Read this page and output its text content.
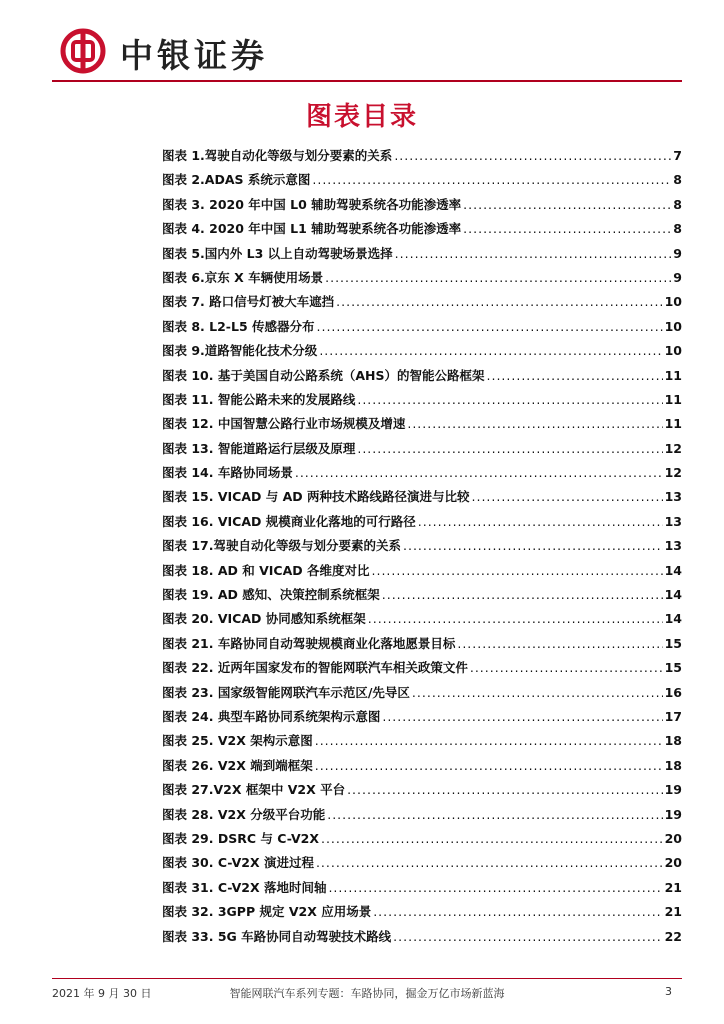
中银证券
图表目录
图表 1.驾驶自动化等级与划分要素的关系 .....	7
图表 2.ADAS 系统示意图 .....	8
图表 3. 2020 年中国 L0 辅助驾驶系统各功能渗透率 .....	8
图表 4. 2020 年中国 L1 辅助驾驶系统各功能渗透率 .....	8
图表 5.国内外 L3 以上自动驾驶场景选择 .....	9
图表 6.京东 X 车辆使用场景 .....	9
图表 7. 路口信号灯被大车遮挡 .....	10
图表 8. L2-L5 传感器分布 .....	10
图表 9.道路智能化技术分级 .....	10
图表 10. 基于美国自动公路系统（AHS）的智能公路框架 .....	11
图表 11. 智能公路未来的发展路线 .....	11
图表 12. 中国智慧公路行业市场规模及增速 .....	11
图表 13. 智能道路运行层级及原理 .....	12
图表 14. 车路协同场景 .....	12
图表 15. VICAD 与 AD 两种技术路线路径演进与比较 .....	13
图表 16. VICAD 规模商业化落地的可行路径 .....	13
图表 17.驾驶自动化等级与划分要素的关系 .....	13
图表 18. AD 和 VICAD 各维度对比 .....	14
图表 19. AD 感知、决策控制系统框架 .....	14
图表 20. VICAD 协同感知系统框架 .....	14
图表 21. 车路协同自动驾驶规模商业化落地愿景目标 .....	15
图表 22. 近两年国家发布的智能网联汽车相关政策文件 .....	15
图表 23. 国家级智能网联汽车示范区/先导区 .....	16
图表 24. 典型车路协同系统架构示意图 .....	17
图表 25. V2X 架构示意图 .....	18
图表 26. V2X 端到端框架 .....	18
图表 27.V2X 框架中 V2X 平台 .....	19
图表 28. V2X 分级平台功能 .....	19
图表 29. DSRC 与 C-V2X .....	20
图表 30. C-V2X 演进过程 .....	20
图表 31. C-V2X 落地时间轴 .....	21
图表 32. 3GPP 规定 V2X 应用场景 .....	21
图表 33. 5G 车路协同自动驾驶技术路线 .....	22
2021 年 9 月 30 日	智能网联汽车系列专题：车路协同，掘金万亿市场新蓝海	3
